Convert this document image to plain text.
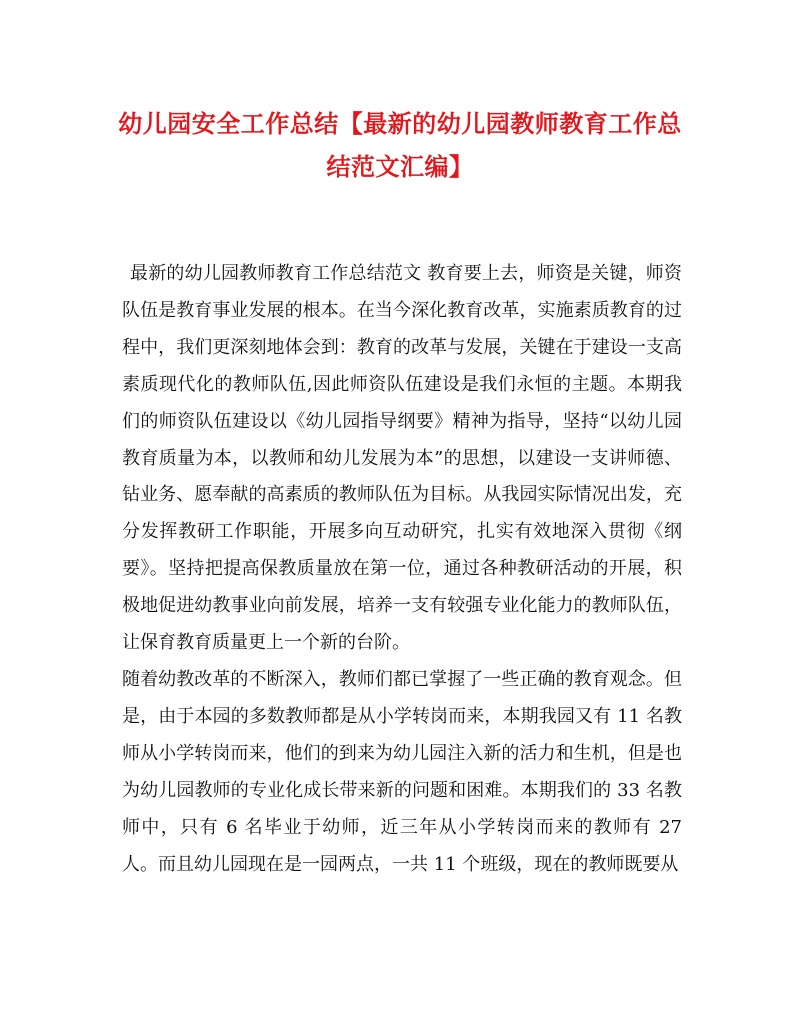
幼儿园安全工作总结【最新的幼儿园教师教育工作总结范文汇编】

最新的幼儿园教师教育工作总结范文 教育要上去，师资是关键，师资队伍是教育事业发展的根本。在当今深化教育改革，实施素质教育的过程中，我们更深刻地体会到：教育的改革与发展，关键在于建设一支高素质现代化的教师队伍,因此师资队伍建设是我们永恒的主题。本期我们的师资队伍建设以《幼儿园指导纲要》精神为指导，坚持“以幼儿园教育质量为本，以教师和幼儿发展为本”的思想，以建设一支讲师德、钻业务、愿奉献的高素质的教师队伍为目标。从我园实际情况出发，充分发挥教研工作职能，开展多向互动研究，扎实有效地深入贯彻《纲要》。坚持把提高保教质量放在第一位，通过各种教研活动的开展，积极地促进幼教事业向前发展，培养一支有较强专业化能力的教师队伍，让保育教育质量更上一个新的台阶。

随着幼教改革的不断深入，教师们都已掌握了一些正确的教育观念。但是，由于本园的多数教师都是从小学转岗而来，本期我园又有 11 名教师从小学转岗而来，他们的到来为幼儿园注入新的活力和生机，但是也为幼儿园教师的专业化成长带来新的问题和困难。本期我们的 33 名教师中，只有 6 名毕业于幼师，近三年从小学转岗而来的教师有 27 人。而且幼儿园现在是一园两点，一共 11 个班级，现在的教师既要从
